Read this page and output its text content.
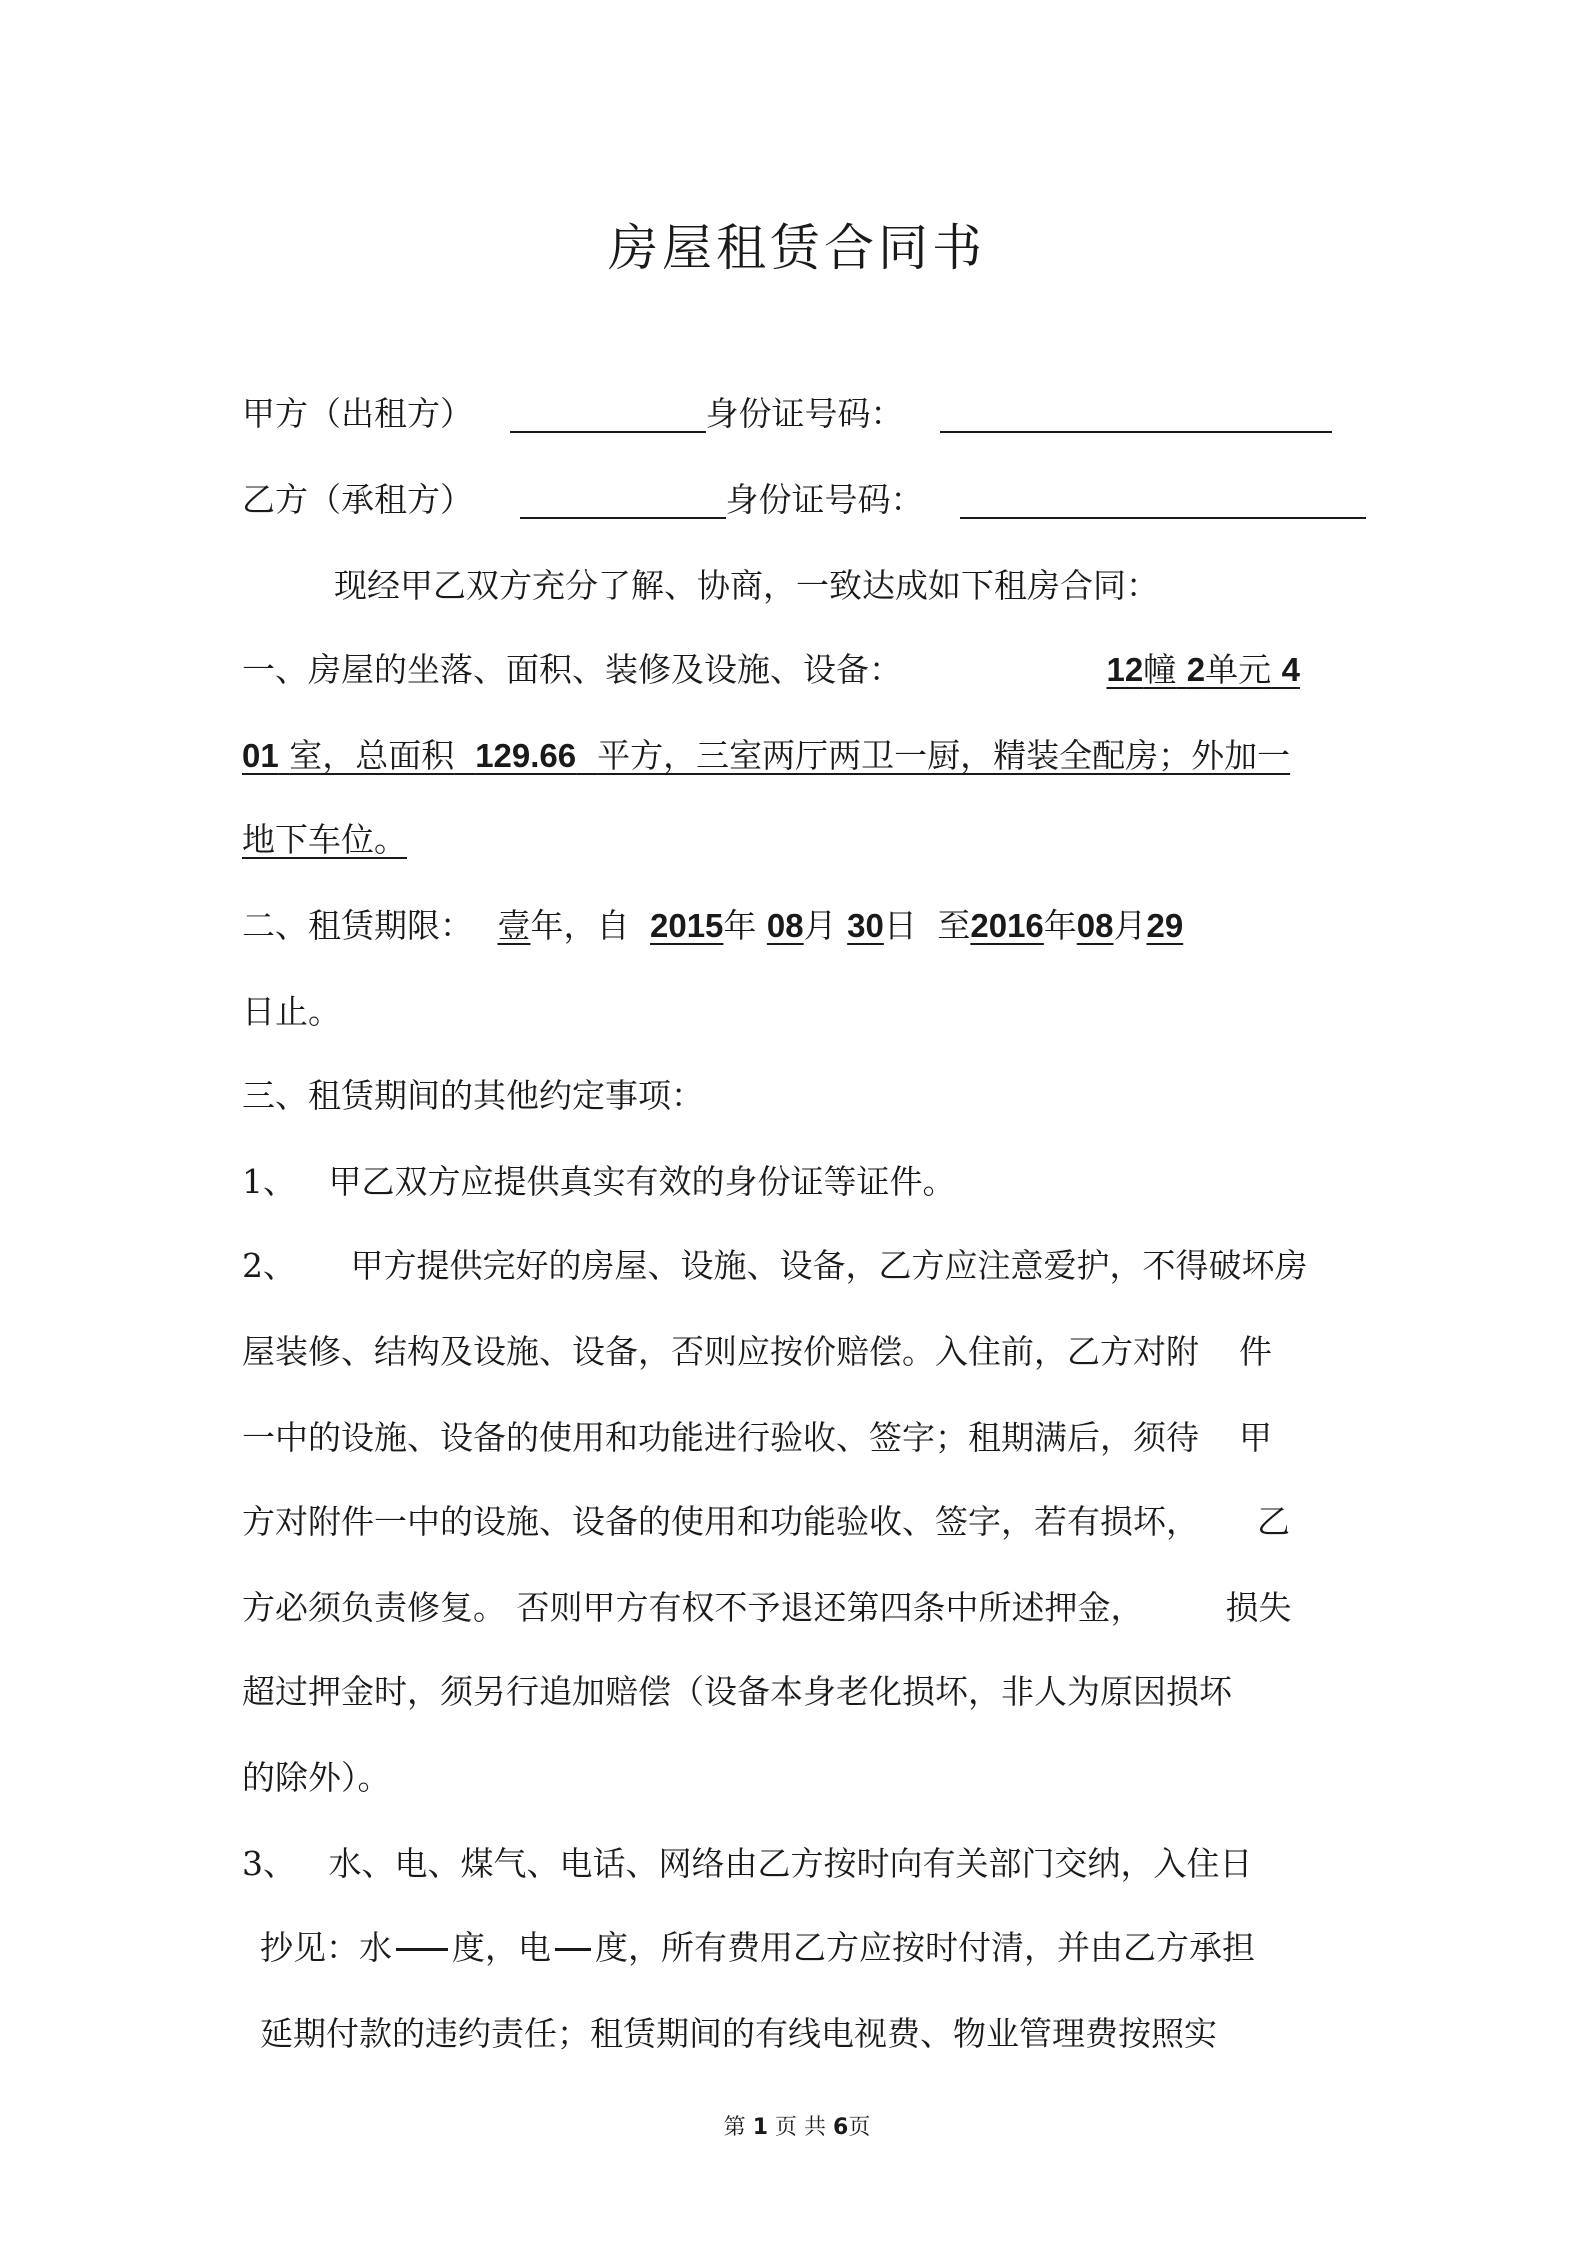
房屋租赁合同书
甲方（出租方）	身份证号码：
乙方（承租方）	身份证号码：
现经甲乙双方充分了解、协商，一致达成如下租房合同：
一、房屋的坐落、面积、装修及设施、设备：	12幢 2单元 4
01 室，总面积 129.66 平方，三室两厅两卫一厨，精装全配房；外加一
地下车位。
二、租赁期限： 壹年，自 2015年 08月 30日 至2016年08月29
日止。
三、租赁期间的其他约定事项：
1、 甲乙双方应提供真实有效的身份证等证件。
2、 甲方提供完好的房屋、设施、设备，乙方应注意爱护，不得破坏房
屋装修、结构及设施、设备，否则应按价赔偿。入住前，乙方对附 件
一中的设施、设备的使用和功能进行验收、签字；租期满后，须待 甲
方对附件一中的设施、设备的使用和功能验收、签字，若有损坏， 乙
方必须负责修复。 否则甲方有权不予退还第四条中所述押金， 损失
超过押金时，须另行追加赔偿（设备本身老化损坏，非人为原因损坏
的除外）。
3、 水、电、煤气、电话、网络由乙方按时向有关部门交纳，入住日
抄见：水 度，电 度，所有费用乙方应按时付清，并由乙方承担
延期付款的违约责任；租赁期间的有线电视费、物业管理费按照实
第 1 页 共 6页
